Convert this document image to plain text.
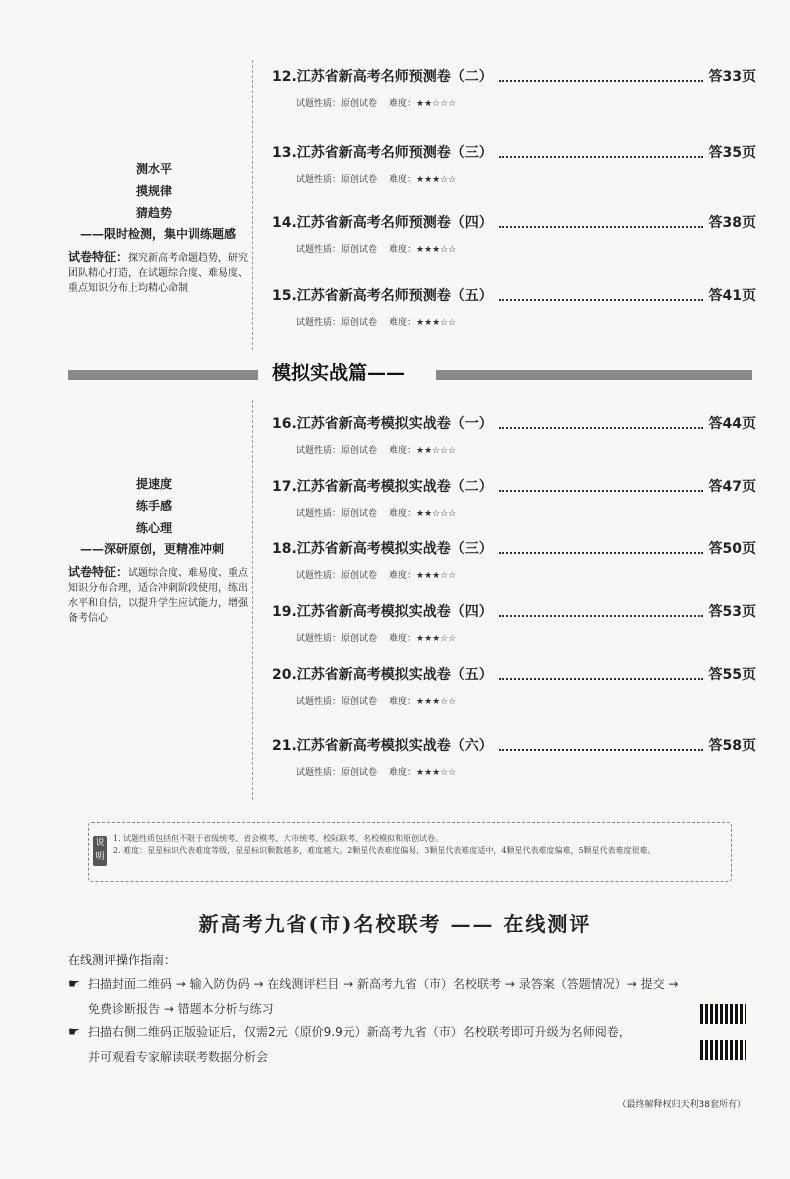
测水平
摸规律
猜趋势
——限时检测，集中训练题感
试卷特征：探究新高考命题趋势，研究团队精心打造，在试题综合度、难易度、重点知识分布上均精心命制
12.江苏省新高考名师预测卷（二）	答33页
试题性质：原创试卷 难度：★★☆☆☆
13.江苏省新高考名师预测卷（三）	答35页
试题性质：原创试卷 难度：★★★☆☆
14.江苏省新高考名师预测卷（四）	答38页
试题性质：原创试卷 难度：★★★☆☆
15.江苏省新高考名师预测卷（五）	答41页
试题性质：原创试卷 难度：★★★☆☆
模拟实战篇——
提速度
练手感
练心理
——深研原创，更精准冲刺
试卷特征：试题综合度、难易度、重点知识分布合理，适合冲刺阶段使用，练出水平和自信，以提升学生应试能力，增强备考信心
16.江苏省新高考模拟实战卷（一）	答44页
试题性质：原创试卷 难度：★★☆☆☆
17.江苏省新高考模拟实战卷（二）	答47页
试题性质：原创试卷 难度：★★☆☆☆
18.江苏省新高考模拟实战卷（三）	答50页
试题性质：原创试卷 难度：★★★☆☆
19.江苏省新高考模拟实战卷（四）	答53页
试题性质：原创试卷 难度：★★★☆☆
20.江苏省新高考模拟实战卷（五）	答55页
试题性质：原创试卷 难度：★★★☆☆
21.江苏省新高考模拟实战卷（六）	答58页
试题性质：原创试卷 难度：★★★☆☆
说明
1. 试题性质包括但不限于省级统考、省会模考、大市统考、校际联考、名校模拟和原创试卷。
2. 难度：星星标识代表难度等级，星星标识颗数越多，难度越大。2颗星代表难度偏易，3颗星代表难度适中，4颗星代表难度偏难，5颗星代表难度很难。
新高考九省(市)名校联考 —— 在线测评
在线测评操作指南：
☛ 扫描封面二维码 → 输入防伪码 → 在线测评栏目 → 新高考九省（市）名校联考 → 录答案（答题情况）→ 提交 →
免费诊断报告 → 错题本分析与练习
☛ 扫描右侧二维码正版验证后，仅需2元（原价9.9元）新高考九省（市）名校联考即可升级为名师阅卷，
并可观看专家解读联考数据分析会
（最终解释权归天利38套所有）
